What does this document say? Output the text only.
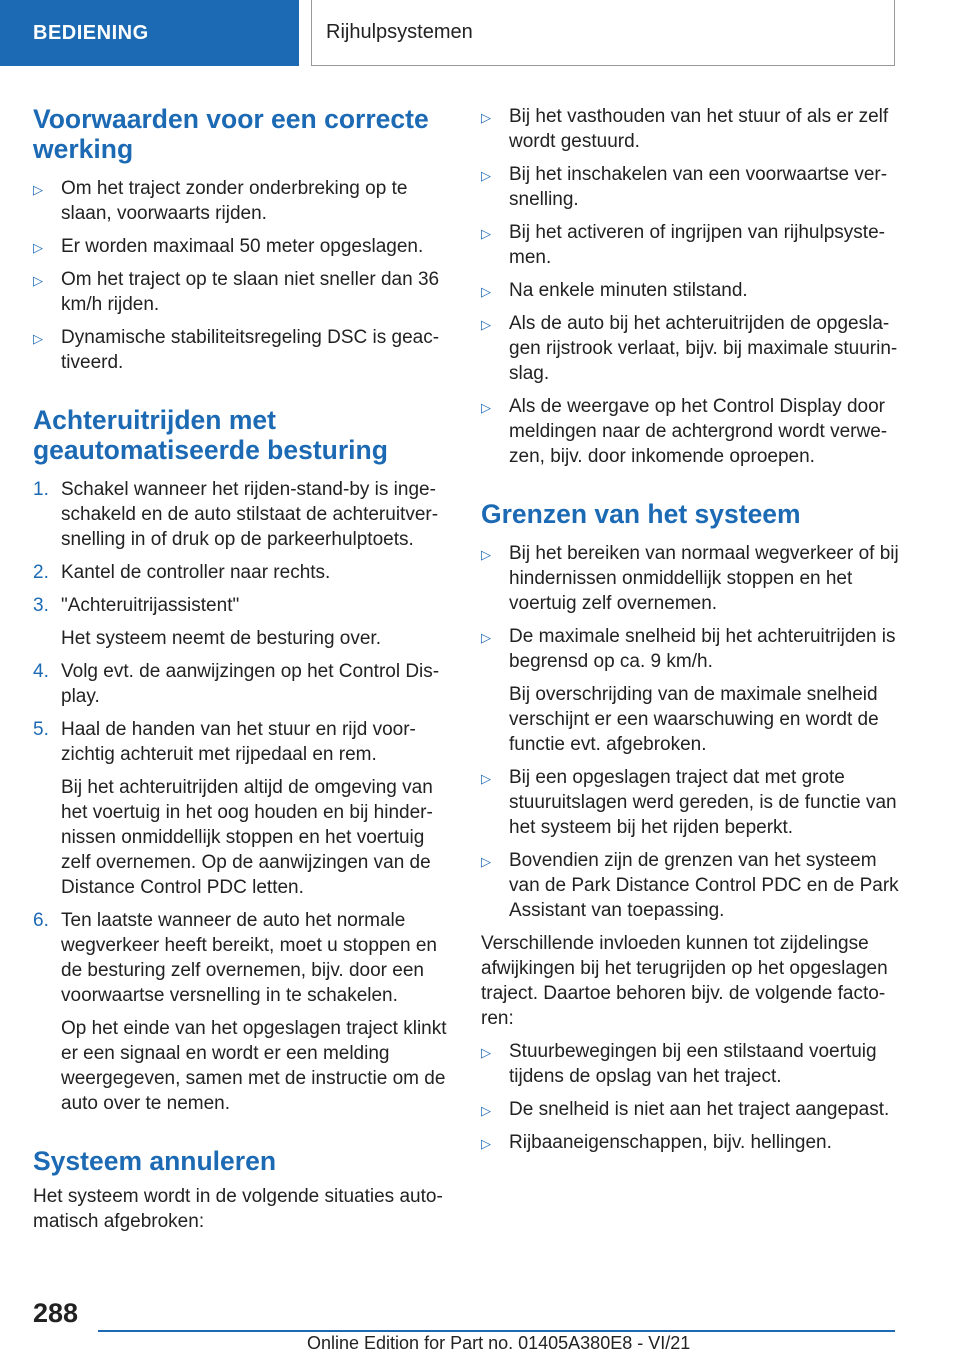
BEDIENING	Rijhulpsystemen
Voorwaarden voor een correcte werking
▷ Om het traject zonder onderbreking op te slaan, voorwaarts rijden.
▷ Er worden maximaal 50 meter opgeslagen.
▷ Om het traject op te slaan niet sneller dan 36 km/h rijden.
▷ Dynamische stabiliteitsregeling DSC is geac- tiveerd.
Achteruitrijden met geautomatiseerde besturing
1. Schakel wanneer het rijden-stand-by is inge- schakeld en de auto stilstaat de achteruitver- snelling in of druk op de parkeerhulptoets.

2. Kantel de controller naar rechts.

3. "Achteruitrijassistent"

Het systeem neemt de besturing over.

4. Volg evt. de aanwijzingen op het Control Dis- play.

5. Haal de handen van het stuur en rijd voor- zichtig achteruit met rijpedaal en rem.

Bij het achteruitrijden altijd de omgeving van het voertuig in het oog houden en bij hinder- nissen onmiddellijk stoppen en het voertuig zelf overnemen. Op de aanwijzingen van de Distance Control PDC letten.

6. Ten laatste wanneer de auto het normale wegverkeer heeft bereikt, moet u stoppen en de besturing zelf overnemen, bijv. door een voorwaartse versnelling in te schakelen.

Op het einde van het opgeslagen traject klinkt er een signaal en wordt er een melding weergegeven, samen met de instructie om de auto over te nemen.

Systeem annuleren

Het systeem wordt in de volgende situaties auto- matisch afgebroken:

▷ Bij het vasthouden van het stuur of als er zelf wordt gestuurd.
▷ Bij het inschakelen van een voorwaartse ver- snelling.
▷ Bij het activeren of ingrijpen van rijhulpsyste- men.
▷ Na enkele minuten stilstand.
▷ Als de auto bij het achteruitrijden de opgesla- gen rijstrook verlaat, bijv. bij maximale stuurin- slag.
▷ Als de weergave op het Control Display door meldingen naar de achtergrond wordt verwe- zen, bijv. door inkomende oproepen.
Grenzen van het systeem
▷ Bij het bereiken van normaal wegverkeer of bij hindernissen onmiddellijk stoppen en het voertuig zelf overnemen.

▷ De maximale snelheid bij het achteruitrijden is begrensd op ca. 9 km/h.

Bij overschrijding van de maximale snelheid verschijnt er een waarschuwing en wordt de functie evt. afgebroken.

▷ Bij een opgeslagen traject dat met grote stuuruitslagen werd gereden, is de functie van het systeem bij het rijden beperkt.

▷ Bovendien zijn de grenzen van het systeem van de Park Distance Control PDC en de Park Assistant van toepassing.

Verschillende invloeden kunnen tot zijdelingse afwijkingen bij het terugrijden op het opgeslagen traject. Daartoe behoren bijv. de volgende facto- ren:

▷ Stuurbewegingen bij een stilstaand voertuig tijdens de opslag van het traject.
▷ De snelheid is niet aan het traject aangepast.
▷ Rijbaaneigenschappen, bijv. hellingen.
288
Online Edition for Part no. 01405A380E8 - VI/21
